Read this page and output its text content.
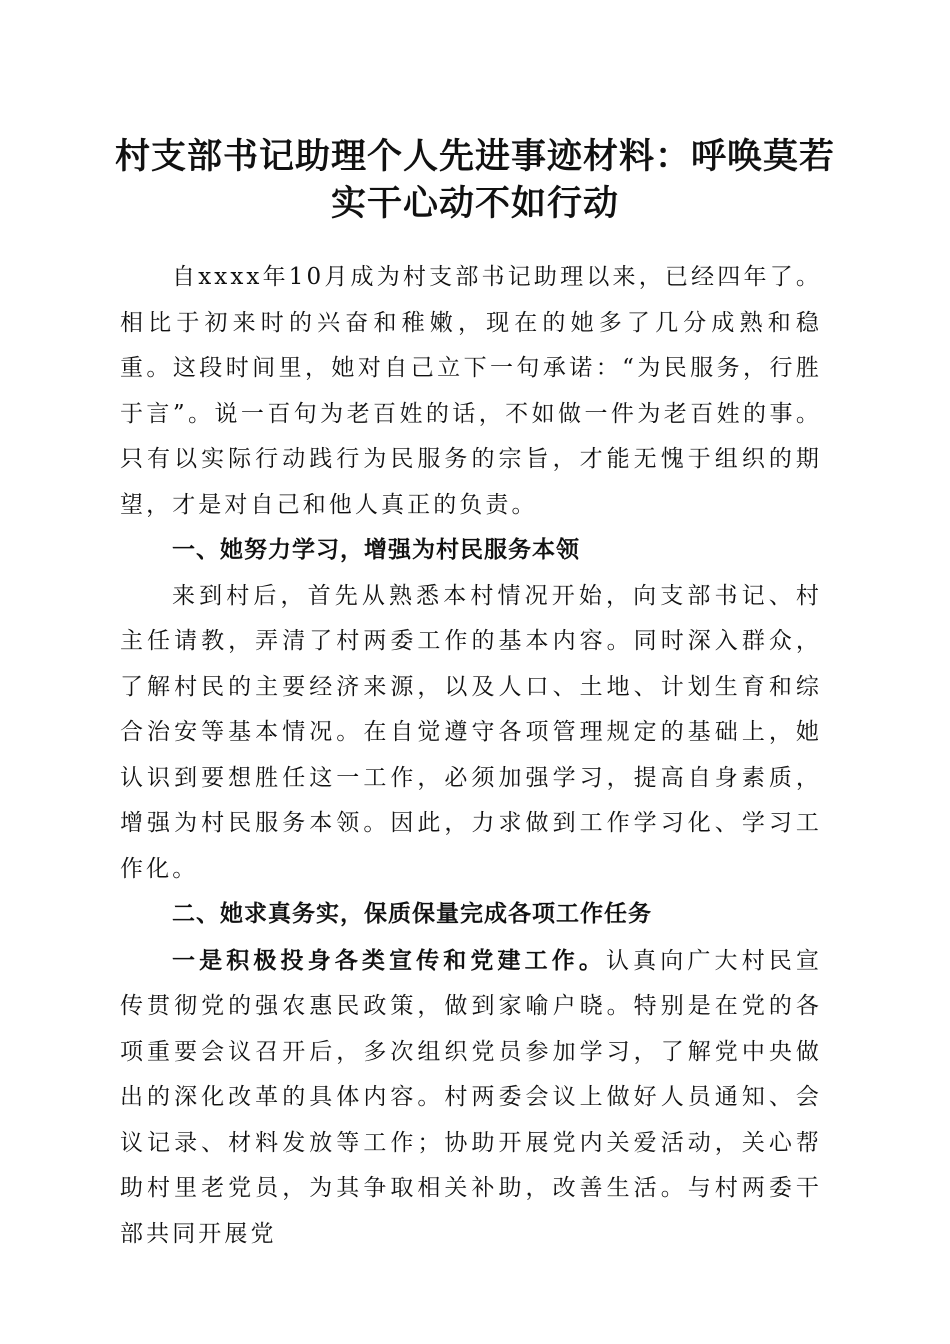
村支部书记助理个人先进事迹材料：呼唤莫若
实干心动不如行动

自xxxx年10月成为村支部书记助理以来，已经四年了。相比于初来时的兴奋和稚嫩，现在的她多了几分成熟和稳重。这段时间里，她对自己立下一句承诺：“为民服务，行胜于言”。说一百句为老百姓的话，不如做一件为老百姓的事。只有以实际行动践行为民服务的宗旨，才能无愧于组织的期望，才是对自己和他人真正的负责。

一、她努力学习，增强为村民服务本领

来到村后，首先从熟悉本村情况开始，向支部书记、村主任请教，弄清了村两委工作的基本内容。同时深入群众，了解村民的主要经济来源，以及人口、土地、计划生育和综合治安等基本情况。在自觉遵守各项管理规定的基础上，她认识到要想胜任这一工作，必须加强学习，提高自身素质，增强为村民服务本领。因此，力求做到工作学习化、学习工作化。

二、她求真务实，保质保量完成各项工作任务

一是积极投身各类宣传和党建工作。认真向广大村民宣传贯彻党的强农惠民政策，做到家喻户晓。特别是在党的各项重要会议召开后，多次组织党员参加学习，了解党中央做出的深化改革的具体内容。村两委会议上做好人员通知、会议记录、材料发放等工作；协助开展党内关爱活动，关心帮助村里老党员，为其争取相关补助，改善生活。与村两委干部共同开展党
